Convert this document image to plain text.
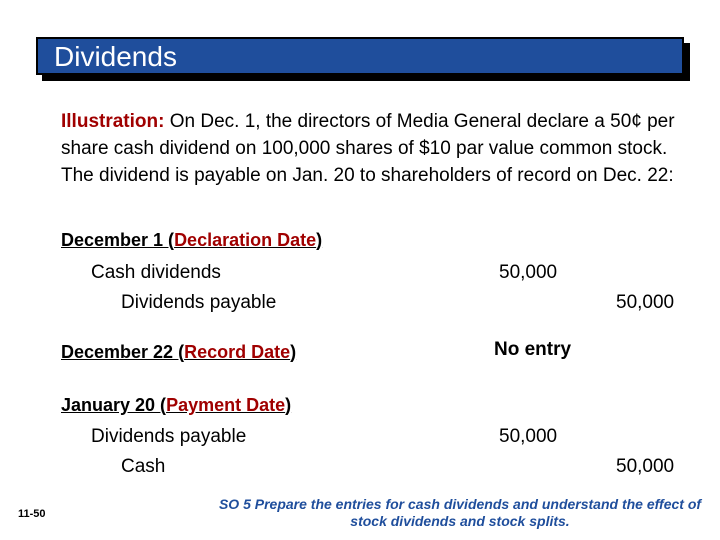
Dividends
Illustration: On Dec. 1, the directors of Media General declare a 50¢ per share cash dividend on 100,000 shares of $10 par value common stock. The dividend is payable on Jan. 20 to shareholders of record on Dec. 22:
December 1 (Declaration Date)
Cash dividends	50,000
Dividends payable	50,000
December 22 (Record Date)	No entry
January 20 (Payment Date)
Dividends payable	50,000
Cash	50,000
11-50
SO 5 Prepare the entries for cash dividends and understand the effect of stock dividends and stock splits.
